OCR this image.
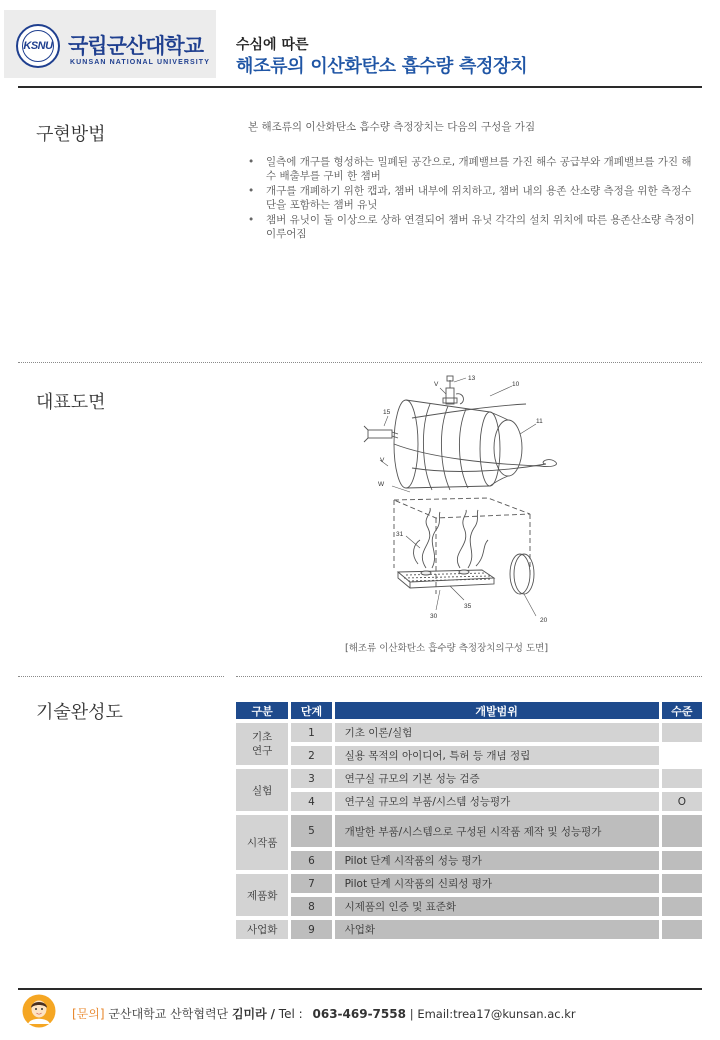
KSNU 국립군산대학교
KUNSAN NATIONAL UNIVERSITY
수심에 따른
해조류의 이산화탄소 흡수량 측정장치
구현방법	본 해조류의 이산화탄소 흡수량 측정장치는 다음의 구성을 가짐
• 일측에 개구를 형성하는 밀폐된 공간으로, 개폐밸브를 가진 해수 공급부와 개폐밸브를 가진 해수 배출부를 구비 한 챔버
• 개구를 개폐하기 위한 캡과, 챔버 내부에 위치하고, 챔버 내의 용존 산소량 측정을 위한 측정수단을 포함하는 챔버 유닛
• 챔버 유닛이 둘 이상으로 상하 연결되어 챔버 유닛 각각의 설치 위치에 따른 용존산소량 측정이 이루어짐
대표도면
V
13
10
15
11
V
W
31
30
35
20
[해조류 이산화탄소 흡수량 측정장치의구성 도면]
기술완성도	구분	단계	개발범위	수준
기초
연구	1	기초 이론/실험	
	2	실용 목적의 아이디어, 특허 등 개념 정립	
실험	3	연구실 규모의 기본 성능 검증	
	4	연구실 규모의 부품/시스템 성능평가	O
시작품	5	개발한 부품/시스템으로 구성된 시작품 제작 및 성능평가	
	6	Pilot 단계 시작품의 성능 평가	
제품화	7	Pilot 단계 시작품의 신뢰성 평가	
	8	시제품의 인증 및 표준화	
사업화	9	사업화	
[문의] 군산대학교 산학협력단 김미라 / Tel : 063-469-7558 | Email:trea17@kunsan.ac.kr
